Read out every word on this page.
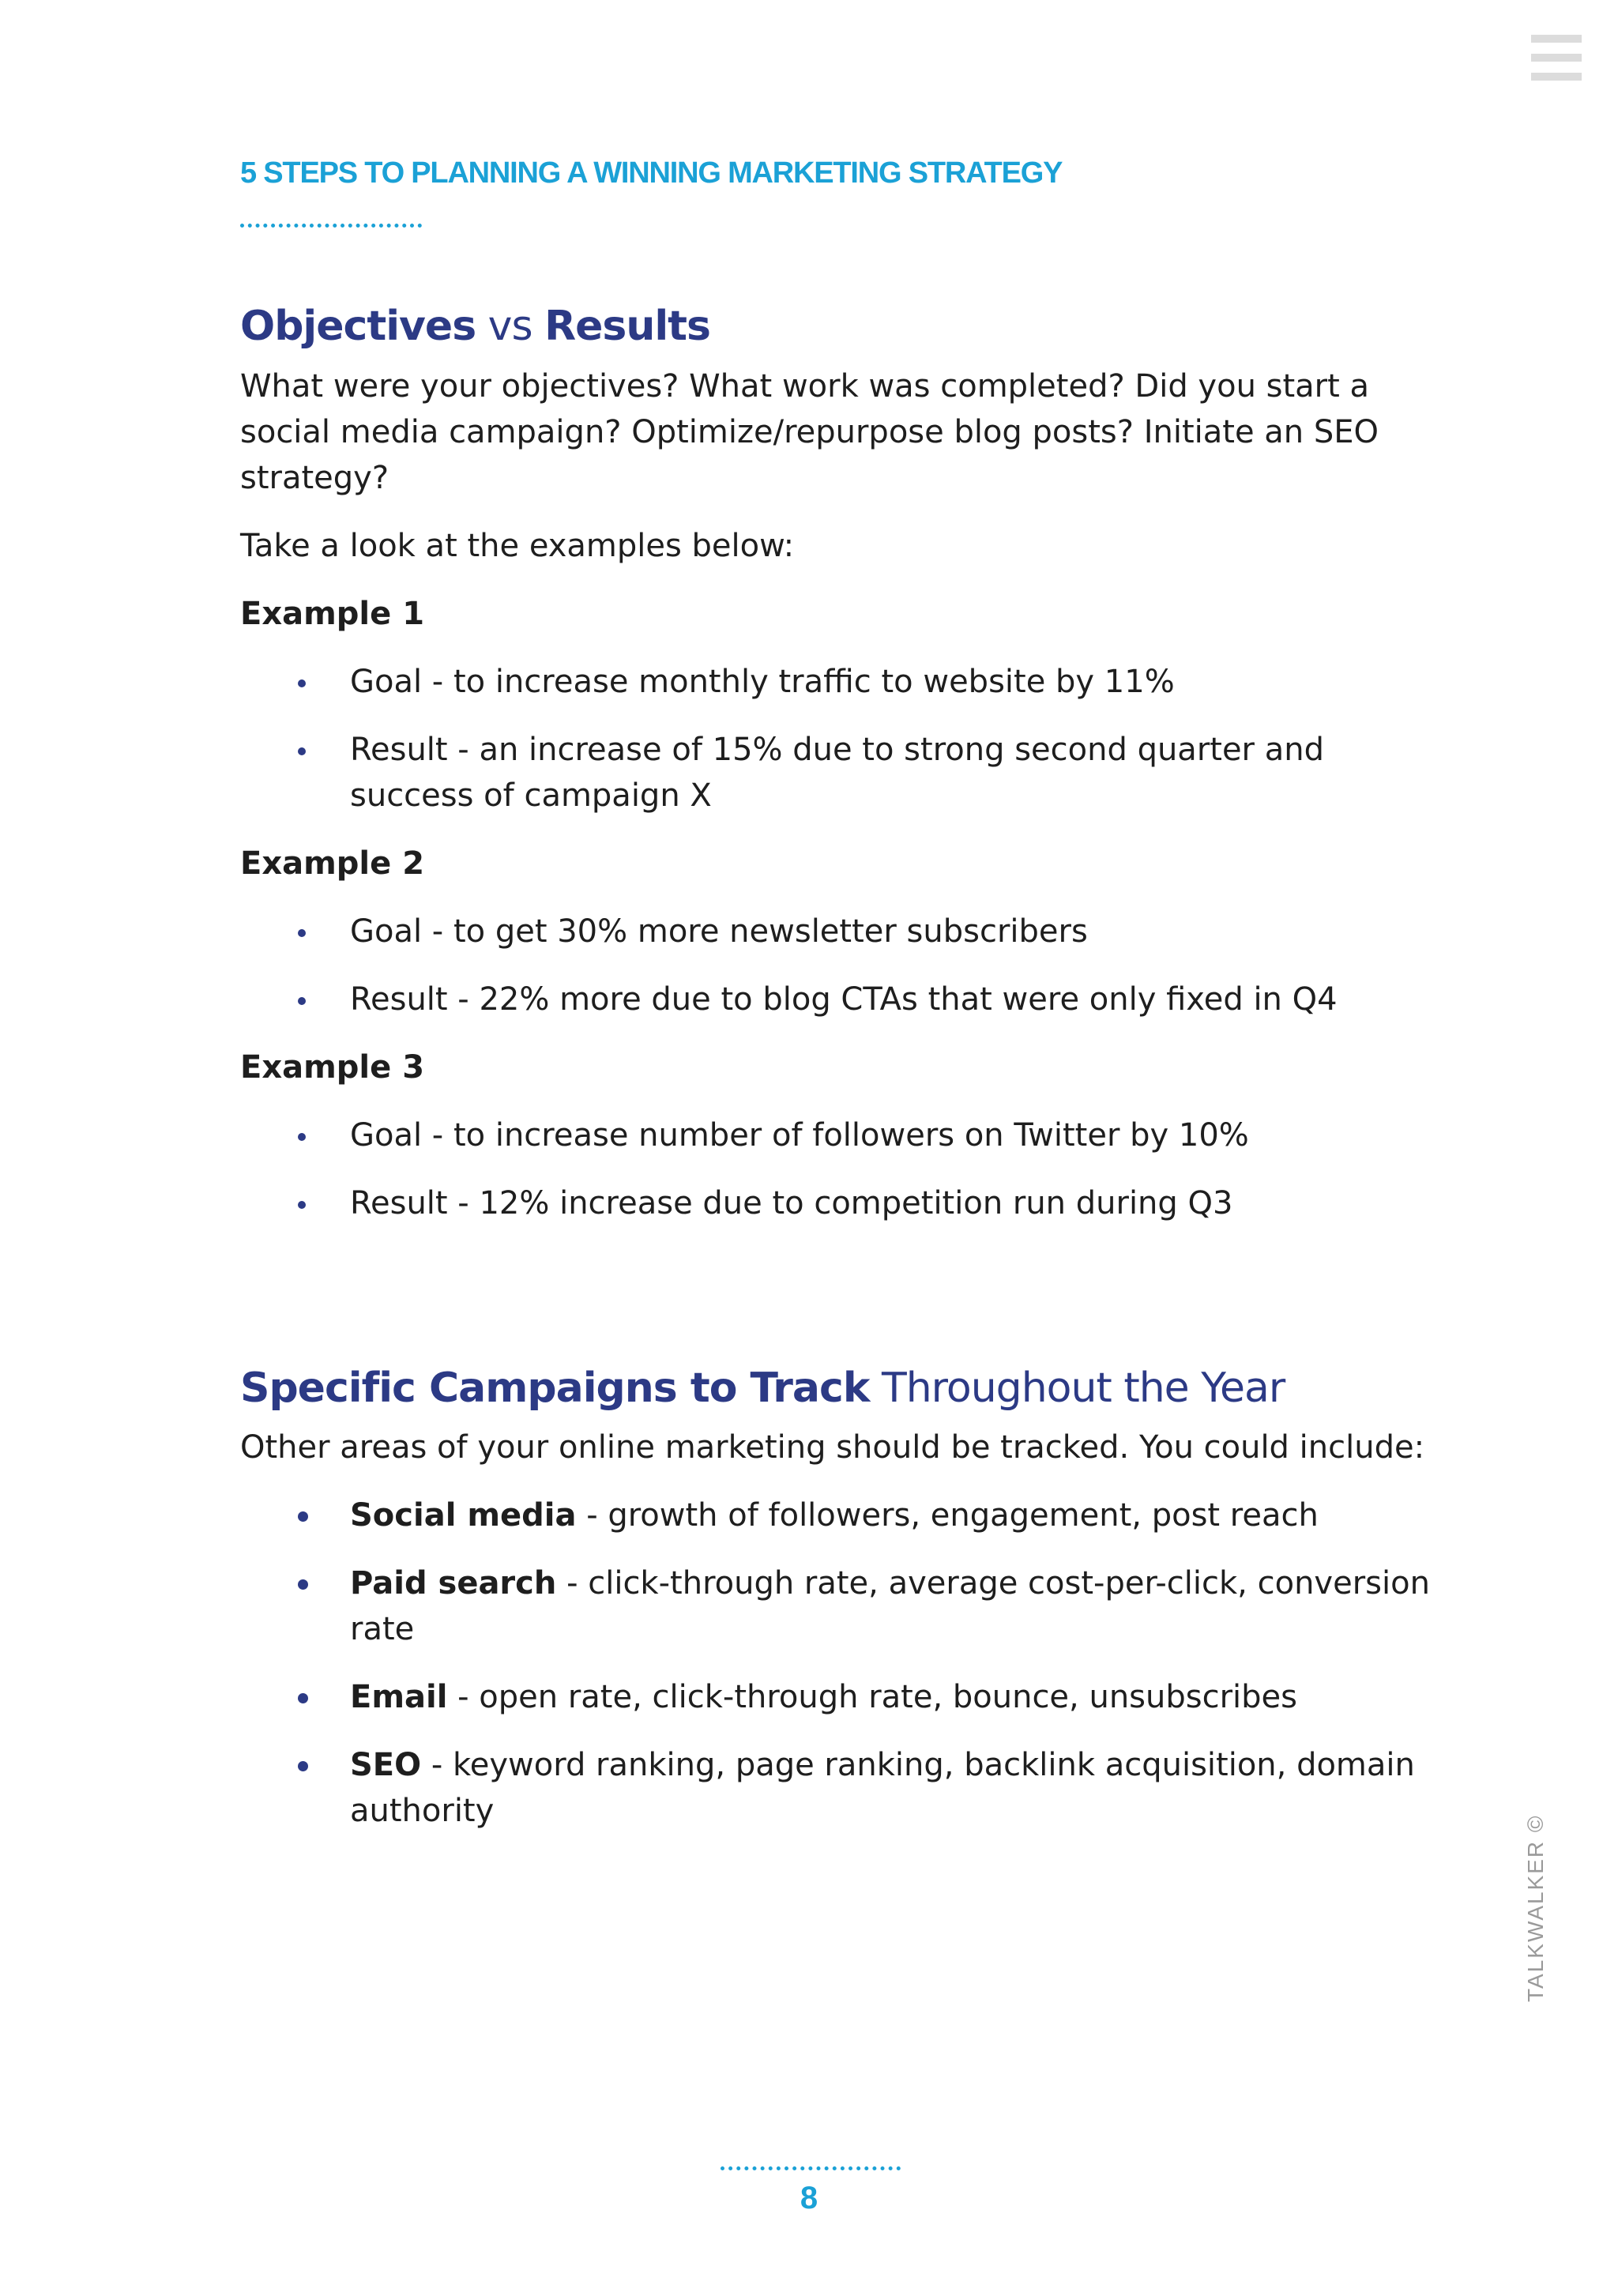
5 STEPS TO PLANNING A WINNING MARKETING STRATEGY
Objectives vs Results

What were your objectives? What work was completed? Did you start a social media campaign? Optimize/repurpose blog posts? Initiate an SEO strategy?

Take a look at the examples below:

Example 1
Goal - to increase monthly traffic to website by 11%
Result - an increase of 15% due to strong second quarter and success of campaign X
Example 2
Goal - to get 30% more newsletter subscribers
Result - 22% more due to blog CTAs that were only fixed in Q4
Example 3
Goal - to increase number of followers on Twitter by 10%
Result - 12% increase due to competition run during Q3
Specific Campaigns to Track Throughout the Year

Other areas of your online marketing should be tracked. You could include:

Social media - growth of followers, engagement, post reach
Paid search - click-through rate, average cost-per-click, conversion rate
Email - open rate, click-through rate, bounce, unsubscribes
SEO - keyword ranking, page ranking, backlink acquisition, domain authority
TALKWALKER ©
8
